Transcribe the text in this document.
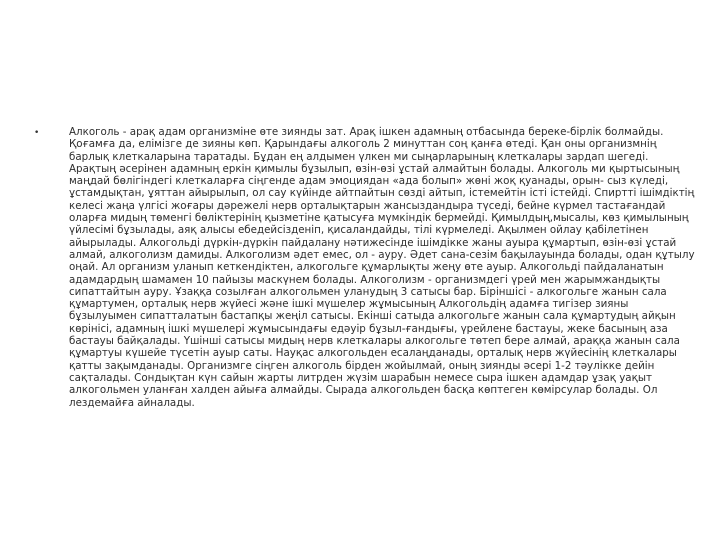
•	Алкоголь - арақ адам организміне өте зиянды зат. Арақ ішкен адамның отбасында береке-бірлік болмайды. Қоғамға да, елімізге де зияны көп. Қарындағы алкоголь 2 минуттан соң қанға өтеді. Қан оны организмнің барлық клеткаларына таратады. Бұдан ең алдымен үлкен ми сыңарларының клеткалары зардап шегеді. Арақтың әсерінен адамның еркін қимылы бұзылып, өзін-өзі ұстай алмайтын болады. Алкоголь ми қыртысының маңдай бөлігіндегі клеткаларға сіңгенде адам эмоциядан «ада болып» жөні жоқ қуанады, орын- сыз күледі, ұстамдықтан, ұяттан айырылып, ол сау күйінде айтпайтын сөзді айтып, істемейтін істі істейді. Спиртті ішімдіктің келесі жаңа үлгісі жоғары дәрежелі нерв орталықтарын жансыздандыра түседі, бейне күрмел тастағандай оларға мидың төменгі бөліктерінің қызметіне қатысуға мүмкіндік бермейді. Қимылдың,мысалы, көз қимылының үйлесімі бұзылады, аяқ алысы ебедейсізденіп, қисаландайды, тілі күрмеледі. Ақылмен ойлау қабілетінен айырылады. Алкогольді дүркін-дүркін пайдалану нәтижесінде ішімдікке жаны ауыра құмартып, өзін-өзі ұстай алмай, алкоголизм дамиды. Алкоголизм әдет емес, ол - ауру. Әдет сана-сезім бақылауында болады, одан құтылу оңай. Ал организм уланып кеткендіктен, алкогольге құмарлықты жеңу өте ауыр. Алкогольді пайдаланатын адамдардың шамамен 10 пайызы маскүнем болады. Алкоголизм - организмдегі үрей мен жарымжандықты сипаттайтын ауру. Ұзаққа созылған алкогольмен уланудың 3 сатысы бар. Біріншісі - алкогольге жанын сала құмартумен, орталық нерв жүйесі және ішкі мүшелер жұмысының Алкогольдің адамға тигізер зияны бұзылуымен сипатталатын бастапқы жеңіл сатысы. Екінші сатыда алкогольге жанын сала құмартудың айқын көрінісі, адамның ішкі мүшелері жұмысындағы едәуір бұзыл-ғандығы, үрейлене бастауы, жеке басының аза бастауы байқалады. Үшінші сатысы мидың нерв клеткалары алкогольге төтеп бере алмай, араққа жанын сала құмартуы күшейе түсетін ауыр саты. Науқас алкогольден есалаңданады, орталық нерв жүйесінің клеткалары қатты зақымданады. Организмге сіңген алкоголь бірден жойылмай, оның зиянды әсері 1-2 тәулікке дейін сақталады. Сондықтан күн сайын жарты литрден жүзім шарабын немесе сыра ішкен адамдар ұзақ уақыт алкогольмен уланған халден айыға алмайды. Сырада алкогольден басқа көптеген көмірсулар болады. Ол лездемайға айналады.
